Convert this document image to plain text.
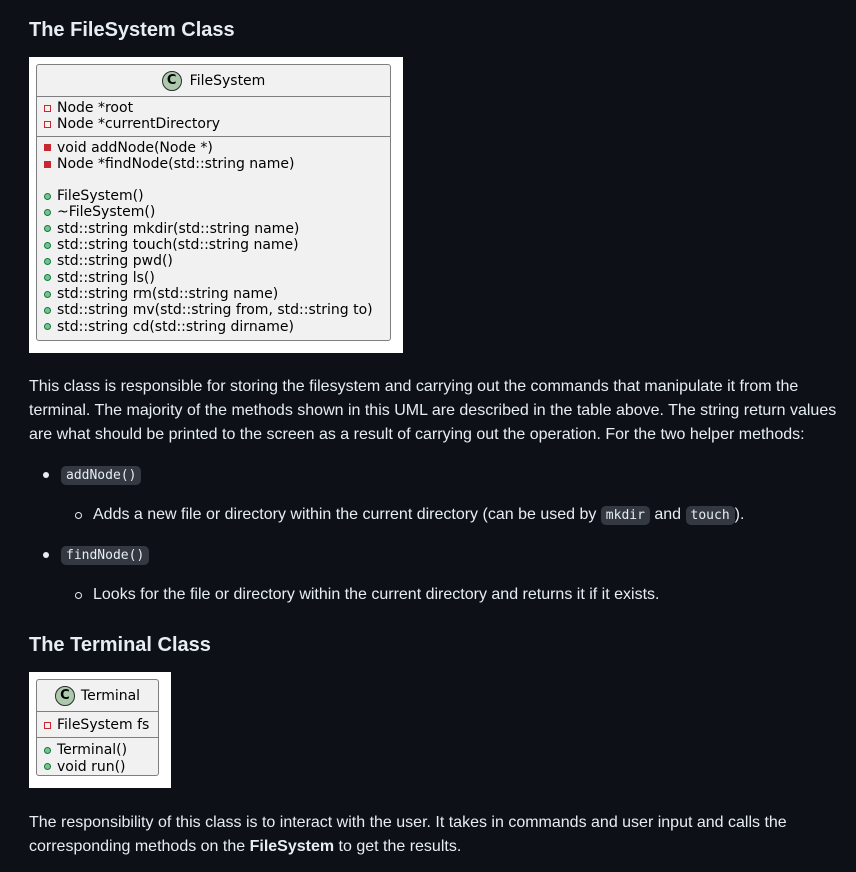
The FileSystem Class
C FileSystem
Node *root
Node *currentDirectory
void addNode(Node *)
Node *findNode(std::string name)
FileSystem()
~FileSystem()
std::string mkdir(std::string name)
std::string touch(std::string name)
std::string pwd()
std::string ls()
std::string rm(std::string name)
std::string mv(std::string from, std::string to)
std::string cd(std::string dirname)

This class is responsible for storing the filesystem and carrying out the commands that manipulate it from the terminal. The majority of the methods shown in this UML are described in the table above. The string return values are what should be printed to the screen as a result of carrying out the operation. For the two helper methods:

addNode()
Adds a new file or directory within the current directory (can be used by mkdir and touch ).
findNode()
Looks for the file or directory within the current directory and returns it if it exists.
The Terminal Class
C Terminal
FileSystem fs
Terminal()
void run()

The responsibility of this class is to interact with the user. It takes in commands and user input and calls the corresponding methods on the FileSystem to get the results.
